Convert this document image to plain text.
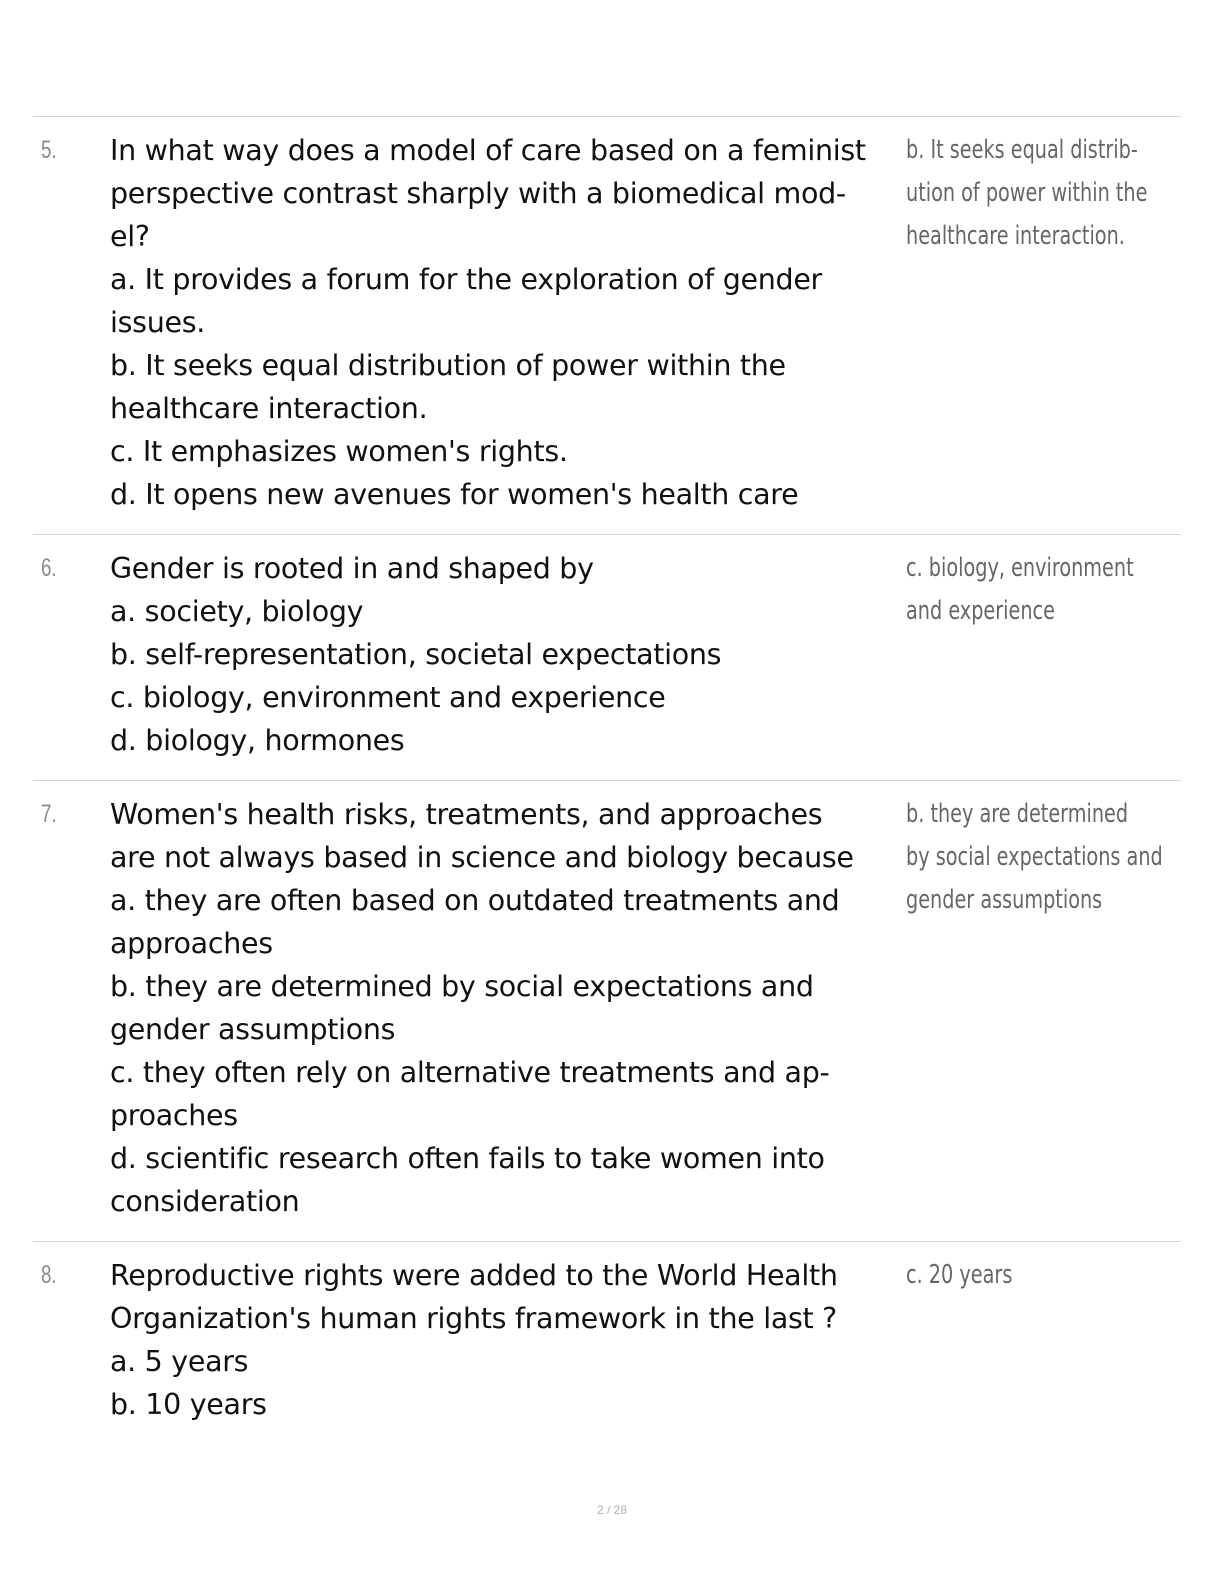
5. In what way does a model of care based on a feminist
perspective contrast sharply with a biomedical mod-
el?
a. It provides a forum for the exploration of gender
issues.
b. It seeks equal distribution of power within the
healthcare interaction.
c. It emphasizes women's rights.
d. It opens new avenues for women's health care
b. It seeks equal distrib-
ution of power within the
healthcare interaction.
6. Gender is rooted in and shaped by
a. society, biology
b. self-representation, societal expectations
c. biology, environment and experience
d. biology, hormones
c. biology, environment
and experience
7. Women's health risks, treatments, and approaches
are not always based in science and biology because
a. they are often based on outdated treatments and
approaches
b. they are determined by social expectations and
gender assumptions
c. they often rely on alternative treatments and ap-
proaches
d. scientific research often fails to take women into
consideration
b. they are determined
by social expectations and
gender assumptions
8. Reproductive rights were added to the World Health
Organization's human rights framework in the last ?
a. 5 years
b. 10 years
c. 20 years
2 / 28
